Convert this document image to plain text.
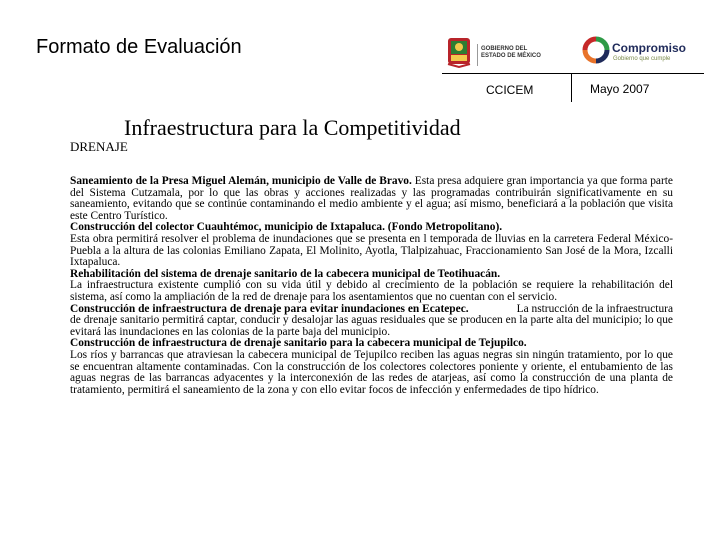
Formato de Evaluación	GOBIERNO DEL
ESTADO DE MÉXICO
Compromiso
Gobierno que cumple
CCICEM	Mayo 2007
Infraestructura para la Competitividad
DRENAJE

Saneamiento de la Presa Miguel Alemán, municipio de Valle de Bravo. Esta presa adquiere gran importancia ya que forma parte del Sistema Cutzamala, por lo que las obras y acciones realizadas y las programadas contribuirán significativamente en su saneamiento, evitando que se continúe contaminando el medio ambiente y el agua; así mismo, beneficiará a la población que visita este Centro Turístico.

Construcción del colector Cuauhtémoc, municipio de Ixtapaluca. (Fondo Metropolitano).

Esta obra permitirá resolver el problema de inundaciones que se presenta en l temporada de lluvias en la carretera Federal México-Puebla a la altura de las colonias Emiliano Zapata, El Molinito, Ayotla, Tlalpizahuac, Fraccionamiento San José de la Mora, Izcalli Ixtapaluca.

Rehabilitación del sistema de drenaje sanitario de la cabecera municipal de Teotihuacán.

La infraestructura existente cumplió con su vida útil y debido al crecimiento de la población se requiere la rehabilitación del sistema, así como la ampliación de la red de drenaje para los asentamientos que no cuentan con el servicio.

Construcción de infraestructura de drenaje para evitar inundaciones en Ecatepec.	La nstrucción de la infraestructura de drenaje sanitario permitirá captar, conducir y desalojar las aguas residuales que se producen en la parte alta del municipio; lo que evitará las inundaciones en las colonias de la parte baja del municipio.

Construcción de infraestructura de drenaje sanitario para la cabecera municipal de Tejupilco.

Los ríos y barrancas que atraviesan la cabecera municipal de Tejupilco reciben las aguas negras sin ningún tratamiento, por lo que se encuentran altamente contaminadas. Con la construcción de los colectores colectores poniente y oriente, el entubamiento de las aguas negras de las barrancas adyacentes y la interconexión de las redes de atarjeas, así como la construcción de una planta de tratamiento, permitirá el saneamiento de la zona y con ello evitar focos de infección y enfermedades de tipo hídrico.
